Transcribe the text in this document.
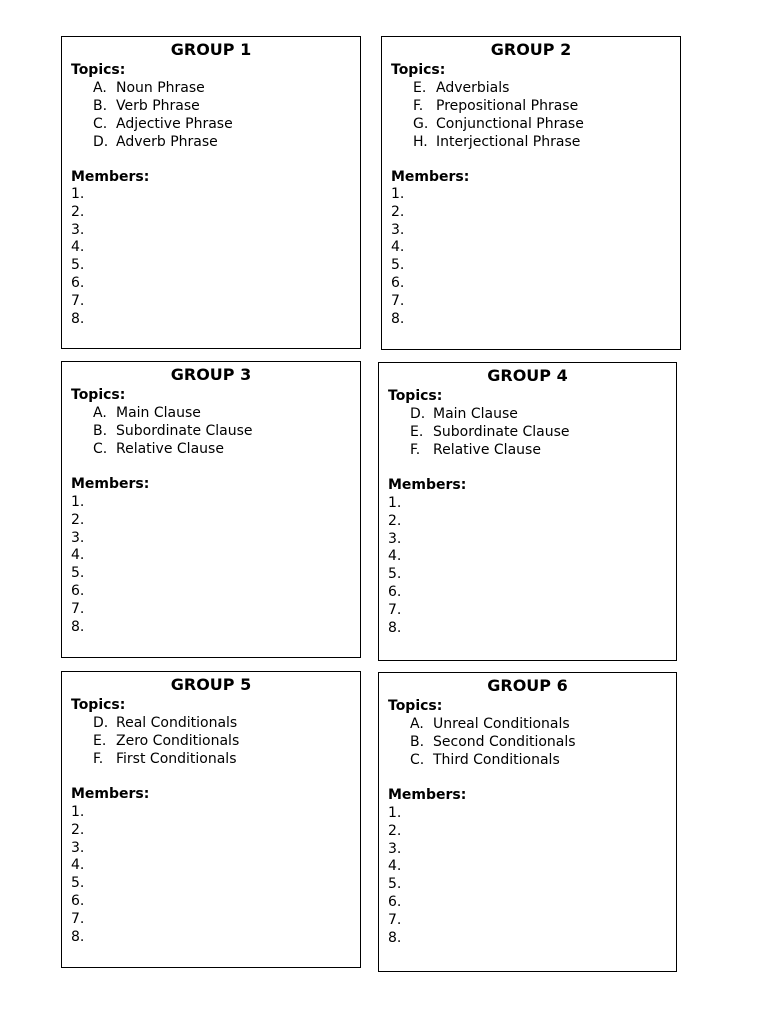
GROUP 1
Topics:
A. Noun Phrase
B. Verb Phrase
C. Adjective Phrase
D. Adverb Phrase
Members:
1.
2.
3.
4.
5.
6.
7.
8.
GROUP 2
Topics:
E. Adverbials
F. Prepositional Phrase
G. Conjunctional Phrase
H. Interjectional Phrase
Members:
1.
2.
3.
4.
5.
6.
7.
8.
GROUP 3
Topics:
A. Main Clause
B. Subordinate Clause
C. Relative Clause
Members:
1.
2.
3.
4.
5.
6.
7.
8.
GROUP 4
Topics:
D. Main Clause
E. Subordinate Clause
F. Relative Clause
Members:
1.
2.
3.
4.
5.
6.
7.
8.
GROUP 5
Topics:
D. Real Conditionals
E. Zero Conditionals
F. First Conditionals
Members:
1.
2.
3.
4.
5.
6.
7.
8.
GROUP 6
Topics:
A. Unreal Conditionals
B. Second Conditionals
C. Third Conditionals
Members:
1.
2.
3.
4.
5.
6.
7.
8.
